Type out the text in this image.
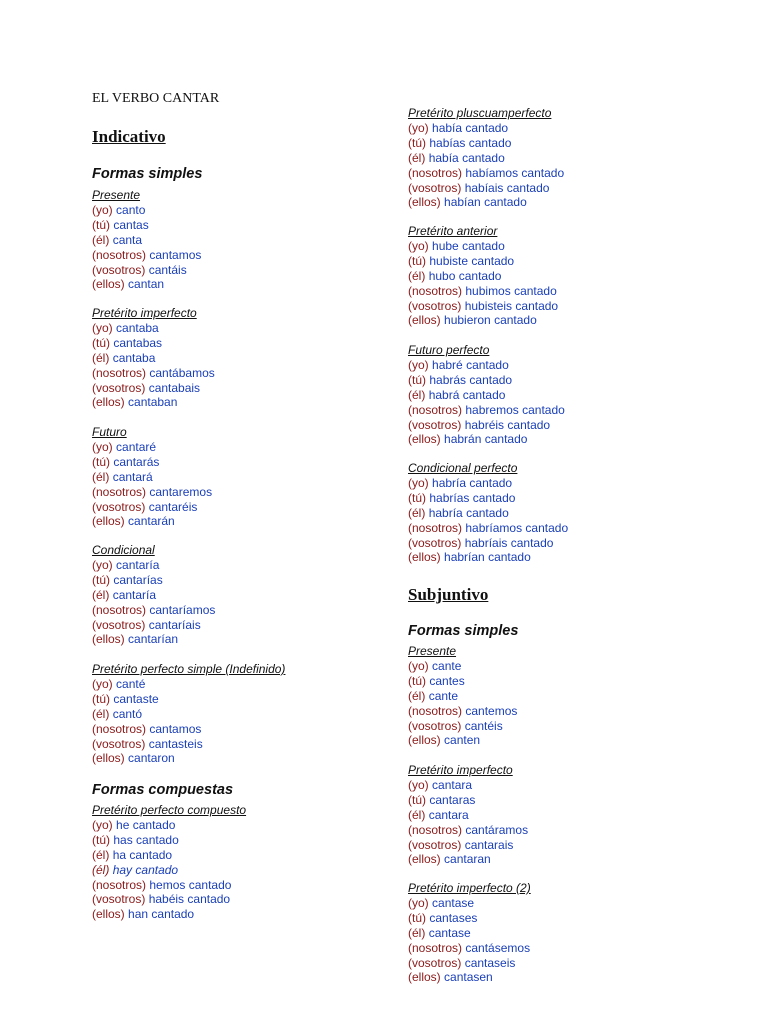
EL VERBO CANTAR
Indicativo
Formas simples
Presente
(yo) canto
(tú) cantas
(él) canta
(nosotros) cantamos
(vosotros) cantáis
(ellos) cantan
Pretérito imperfecto
(yo) cantaba
(tú) cantabas
(él) cantaba
(nosotros) cantábamos
(vosotros) cantabais
(ellos) cantaban
Futuro
(yo) cantaré
(tú) cantarás
(él) cantará
(nosotros) cantaremos
(vosotros) cantaréis
(ellos) cantarán
Condicional
(yo) cantaría
(tú) cantarías
(él) cantaría
(nosotros) cantaríamos
(vosotros) cantaríais
(ellos) cantarían
Pretérito perfecto simple (Indefinido)
(yo) canté
(tú) cantaste
(él) cantó
(nosotros) cantamos
(vosotros) cantasteis
(ellos) cantaron
Formas compuestas
Pretérito perfecto compuesto
(yo) he cantado
(tú) has cantado
(él) ha cantado
(él) hay cantado
(nosotros) hemos cantado
(vosotros) habéis cantado
(ellos) han cantado
Pretérito pluscuamperfecto
(yo) había cantado
(tú) habías cantado
(él) había cantado
(nosotros) habíamos cantado
(vosotros) habíais cantado
(ellos) habían cantado
Pretérito anterior
(yo) hube cantado
(tú) hubiste cantado
(él) hubo cantado
(nosotros) hubimos cantado
(vosotros) hubisteis cantado
(ellos) hubieron cantado
Futuro perfecto
(yo) habré cantado
(tú) habrás cantado
(él) habrá cantado
(nosotros) habremos cantado
(vosotros) habréis cantado
(ellos) habrán cantado
Condicional perfecto
(yo) habría cantado
(tú) habrías cantado
(él) habría cantado
(nosotros) habríamos cantado
(vosotros) habríais cantado
(ellos) habrían cantado
Subjuntivo
Formas simples
Presente
(yo) cante
(tú) cantes
(él) cante
(nosotros) cantemos
(vosotros) cantéis
(ellos) canten
Pretérito imperfecto
(yo) cantara
(tú) cantaras
(él) cantara
(nosotros) cantáramos
(vosotros) cantarais
(ellos) cantaran
Pretérito imperfecto (2)
(yo) cantase
(tú) cantases
(él) cantase
(nosotros) cantásemos
(vosotros) cantaseis
(ellos) cantasen
